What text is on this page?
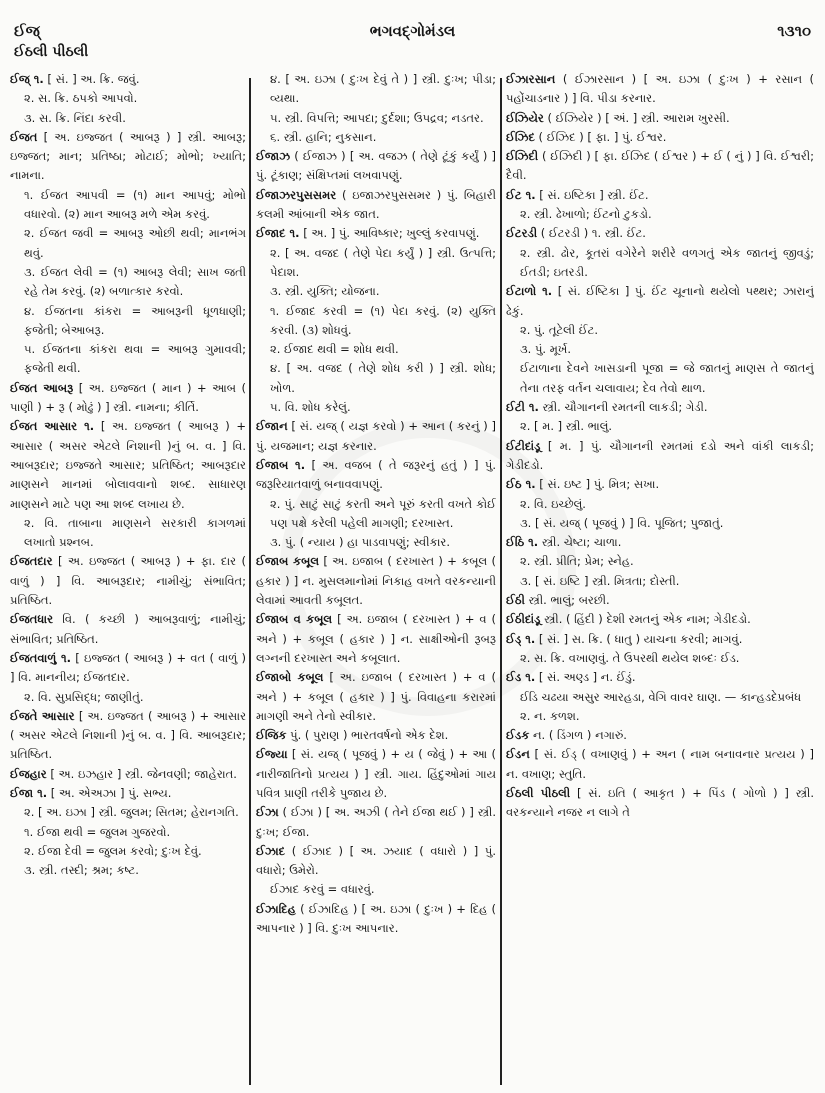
ઈજ્	ભગવદ્ગોમંડલ	૧૩૧૦
ઈઠલી પીઠલી

ઈજ્ ૧. [ સં. ] અ. ક્રિ. જવું.

૨. સ. ક્રિ. ઠપકો આપવો.

૩. સ. ક્રિ. નિંદા કરવી.

ઈજત [ અ. ઇજ્જત ( આબરૂ ) ] સ્ત્રી. આબરૂ; ઇજ્જત; માન; પ્રતિષ્ઠા; મોટાઈ; મોભો; ખ્યાતિ; નામના.

૧. ઈજત આપવી = (૧) માન આપવું; મોભો વધારવો. (૨) માન આબરૂ મળે એમ કરવું.

૨. ઈજત જવી = આબરૂ ઓછી થવી; માનભંગ થવું.

૩. ઈજત લેવી = (૧) આબરૂ લેવી; સાખ જતી રહે તેમ કરવું. (૨) બળાત્કાર કરવો.

૪. ઈજતના કાંકરા = આબરૂની ધૂળધાણી; ફજેતી; બેઆબરૂ.

૫. ઈજતના કાંકરા થવા = આબરૂ ગુમાવવી; ફજેતી થવી.

ઈજત આબરૂ [ અ. ઇજ્જત ( માન ) + આબ ( પાણી ) + રૂ ( મોઢું ) ] સ્ત્રી. નામના; કીર્તિ.

ઈજત આસાર ૧. [ અ. ઇજ્જત ( આબરૂ ) + આસાર ( અસર એટલે નિશાની )નું બ. વ. ] વિ. આબરૂદાર; ઇજ્જતે આસાર; પ્રતિષ્ઠિત; આબરૂદાર માણસને માનમાં બોલાવવાનો શબ્દ. સાધારણ માણસને માટે પણ આ શબ્દ લખાય છે.

૨. વિ. તાબાના માણસને સરકારી કાગળમાં લખાતો પ્રશ્નબ.

ઈજતદાર [ અ. ઇજ્જત ( આબરૂ ) + ફા. દાર ( વાળું ) ] વિ. આબરૂદાર; નામીચું; સંભાવિત; પ્રતિષ્ઠિત.

ઈજતધાર વિ. ( કચ્છી ) આબરૂવાળું; નામીચું; સંભાવિત; પ્રતિષ્ઠિત.

ઈજતવાળું ૧. [ ઇજ્જત ( આબરૂ ) + વત ( વાળું ) ] વિ. માનનીય; ઈજતદાર.

૨. વિ. સુપ્રસિદ્ધ; જાણીતું.

ઈજતે આસાર [ અ. ઇજ્જત ( આબરૂ ) + આસાર ( અસર એટલે નિશાની )નું બ. વ. ] વિ. આબરૂદાર; પ્રતિષ્ઠિત.

ઈજહાર [ અ. ઇઝહાર ] સ્ત્રી. જેનવણી; જાહેરાત.

ઈજા ૧. [ અ. એઅઝા ] પું. સભ્ય.

૨. [ અ. ઇઝા ] સ્ત્રી. જુલમ; સિતમ; હેરાનગતિ.

૧. ઈજા થવી = જુલમ ગુજરવો.

૨. ઈજા દેવી = જુલમ કરવો; દુઃખ દેવું.

૩. સ્ત્રી. તસ્દી; શ્રમ; કષ્ટ.

૪. [ અ. ઇઝા ( દુઃખ દેવું તે ) ] સ્ત્રી. દુઃખ; પીડા; વ્યથા.

૫. સ્ત્રી. વિપત્તિ; આપદા; દુર્દશા; ઉપદ્રવ; નડતર.

૬. સ્ત્રી. હાનિ; નુકસાન.

ઈજાઝ ( ઈજાઝ ) [ અ. વજઝ ( તેણે ટૂંકું કર્યું ) ] પું. ટૂંકાણ; સંક્ષિપ્તમાં લખવાપણું.

ઈજાઝરપુસસમર ( ઇજાઝરપુસસમર ) પું. બિહારી કલમી આંબાની એક જાત.

ઈજાદ ૧. [ અ. ] પું. આવિષ્કાર; ખુલ્લું કરવાપણું.

૨. [ અ. વજદ ( તેણે પેદા કર્યું ) ] સ્ત્રી. ઉત્પત્તિ; પેદાશ.

૩. સ્ત્રી. યુક્તિ; યોજના.

૧. ઈજાદ કરવી = (૧) પેદા કરવું. (૨) યુક્તિ કરવી. (૩) શોધવું.

૨. ઈજાદ થવી = શોધ થવી.

૪. [ અ. વજદ ( તેણે શોધ કરી ) ] સ્ત્રી. શોધ; ખોળ.

૫. વિ. શોધ કરેલું.

ઈજાન [ સં. યજ્ ( યજ્ઞ કરવો ) + આન ( કરનું ) ] પું. યજમાન; યજ્ઞ કરનાર.

ઈજાબ ૧. [ અ. વજબ ( તે જરૂરનું હતું ) ] પું. જરૂરિયાતવાળું બનાવવાપણું.

૨. પું. સાટું સાટું કરતી અને પૂરું કરતી વખતે કોઈ પણ પક્ષે કરેલી પહેલી માગણી; દરખાસ્ત.

૩. પું. ( ન્યાય ) હા પાડવાપણું; સ્વીકાર.

ઈજાબ કબૂલ [ અ. ઇજાબ ( દરખાસ્ત ) + કબૂલ ( હકાર ) ] ન. મુસલમાનોમાં નિકાહ વખતે વરકન્યાની લેવામાં આવતી કબૂલત.

ઈજાબ વ કબૂલ [ અ. ઇજાબ ( દરખાસ્ત ) + વ ( અને ) + કબૂલ ( હકાર ) ] ન. સાક્ષીઓની રૂબરૂ લગ્નની દરખાસ્ત અને કબૂલાત.

ઈજાબો કબૂલ [ અ. ઇજાબ ( દરખાસ્ત ) + વ ( અને ) + કબૂલ ( હકાર ) ] પું. વિવાહના કરારમાં માગણી અને તેનો સ્વીકાર.

ઈજિક પું. ( પુરાણ ) ભારતવર્ષનો એક દેશ.

ઈજ્યા [ સં. યજ્ ( પૂજવું ) + ય ( જેવું ) + આ ( નારીજાતિનો પ્રત્યય ) ] સ્ત્રી. ગાય. હિંદુઓમાં ગાય પવિત્ર પ્રાણી તરીકે પુજાય છે.

ઈઝા ( ઈઝા ) [ અ. અઝી ( તેને ઈજા થઈ ) ] સ્ત્રી. દુઃખ; ઈજા.

ઈઝાદ ( ઈઝાદ ) [ અ. ઝયાદ ( વધારો ) ] પું. વધારો; ઉમેરો.

ઈઝાદ કરવું = વધારવું.

ઈઝાદિહ ( ઈઝાદિહ ) [ અ. ઇઝા ( દુઃખ ) + દિહ ( આપનાર ) ] વિ. દુઃખ આપનાર.

ઈઝારસાન ( ઈઝારસાન ) [ અ. ઇઝા ( દુઃખ ) + રસાન ( પહોંચાડનાર ) ] વિ. પીડા કરનાર.

ઈઝિયેર ( ઈઝિયેર ) [ અં. ] સ્ત્રી. આરામ ખુરસી.

ઈઝિદ ( ઈઝિદ ) [ ફા. ] પું. ઈશ્વર.

ઈઝિદી ( ઈઝિદી ) [ ફા. ઈઝિદ ( ઈશ્વર ) + ઈ ( નું ) ] વિ. ઈશ્વરી; દૈવી.

ઈટ ૧. [ સં. ઇષ્ટિકા ] સ્ત્રી. ઈંટ.

૨. સ્ત્રી. ઢેખાળો; ઈંટનો ટુકડો.

ઈટરડી ( ઈટરડી ) ૧. સ્ત્રી. ઈંટ.

૨. સ્ત્રી. ઢોર, કૂતરાં વગેરેને શરીરે વળગતું એક જાતનું જીવડું; ઈતડી; ઇતરડી.

ઈટાળો ૧. [ સં. ઈષ્ટિકા ] પું. ઈંટ ચૂનાનો થયેલો પથ્થર; ઝારાનું ઢેકું.

૨. પું. તૂટેલી ઈંટ.

૩. પું. મૂર્ખ.

ઈટાળાના દેવને ખાસડાની પૂજા = જે જાતનું માણસ તે જાતનું તેના તરફ વર્તન ચલાવાય; દેવ તેવો થાળ.

ઈટી ૧. સ્ત્રી. ચૌગાનની રમતની લાકડી; ગેડી.

૨. [ મ. ] સ્ત્રી. ભાલું.

ઈટીદાંડૂ [ મ. ] પું. ચૌગાનની રમતમાં દડો અને વાંકી લાકડી; ગેડીદડો.

ઈઠ ૧. [ સં. ઇષ્ટ ] પું. મિત્ર; સખા.

૨. વિ. ઇચ્છેલું.

૩. [ સં. યજ્ ( પૂજવું ) ] વિ. પૂજિત; પુજાતું.

ઈઠિ ૧. સ્ત્રી. ચેષ્ટા; ચાળા.

૨. સ્ત્રી. પ્રીતિ; પ્રેમ; સ્નેહ.

૩. [ સં. ઇષ્ટિ ] સ્ત્રી. મિત્રતા; દોસ્તી.

ઈઠી સ્ત્રી. ભાલું; બરછી.

ઈઠીદાંડૂ સ્ત્રી. ( હિંદી ) દેશી રમતનું એક નામ; ગેડીદડો.

ઈડ્ ૧. [ સં. ] સ. ક્રિ. ( ધાતુ ) યાચના કરવી; માગવું.

૨. સ. ક્રિ. વખાણવું. તે ઉપરથી થયેલ શબ્દઃ ઈડ.

ઈડ ૧. [ સં. અણ્ડ ] ન. ઈંડું.

ઈડિ ચઢયા અસુર આરહડા, વેગિ વાવર ઘાણ. — કાન્હડદેપ્રબંધ

૨. ન. કળશ.

ઈડક ન. ( ડિંગળ ) નગારું.

ઈડન [ સં. ઈડ્ ( વખાણવું ) + અન ( નામ બનાવનાર પ્રત્યય ) ] ન. વખાણ; સ્તુતિ.

ઈઠલી પીઠલી [ સં. ઇતિ ( આકૃત ) + પિંડ ( ગોળો ) ] સ્ત્રી. વરકન્યાને નજર ન લાગે તે
